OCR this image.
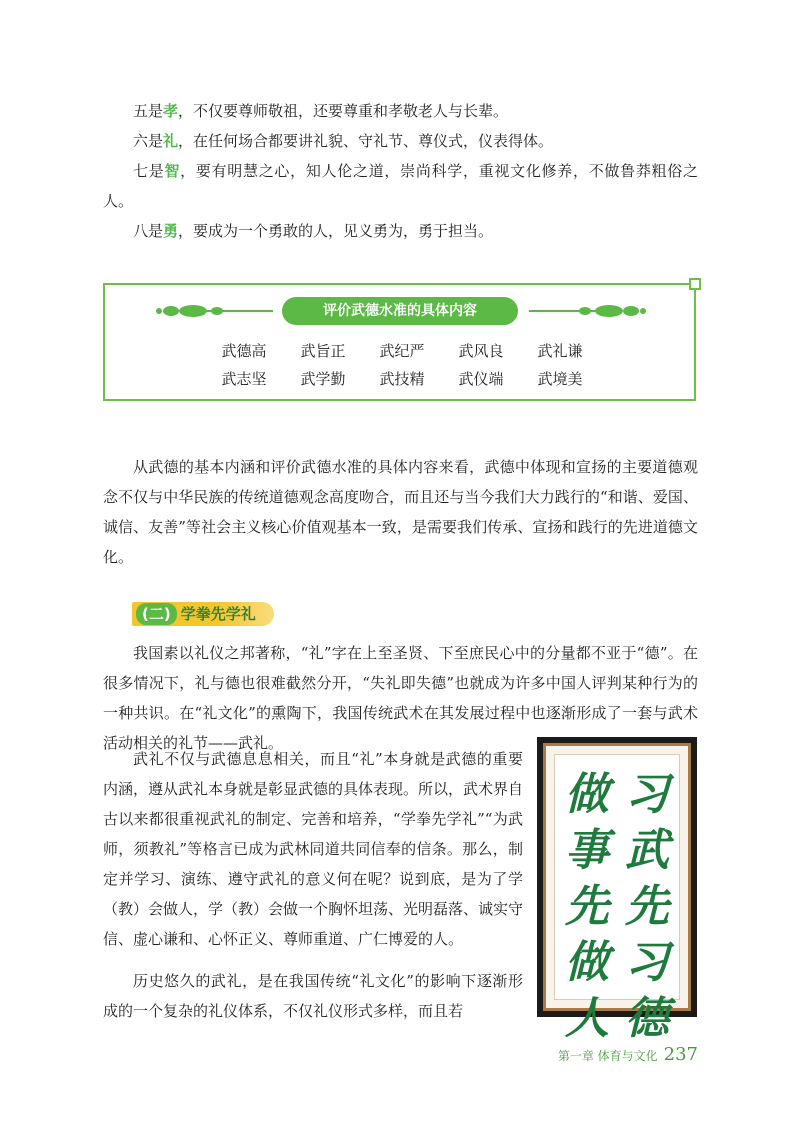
五是孝，不仅要尊师敬祖，还要尊重和孝敬老人与长辈。

六是礼，在任何场合都要讲礼貌、守礼节、尊仪式，仪表得体。

七是智，要有明慧之心，知人伦之道，崇尚科学，重视文化修养，不做鲁莽粗俗之人。

八是勇，要成为一个勇敢的人，见义勇为，勇于担当。

评价武德水准的具体内容
武德高	武旨正	武纪严	武风良	武礼谦
武志坚	武学勤	武技精	武仪端	武境美

从武德的基本内涵和评价武德水准的具体内容来看，武德中体现和宣扬的主要道德观念不仅与中华民族的传统道德观念高度吻合，而且还与当今我们大力践行的“和谐、爱国、诚信、友善”等社会主义核心价值观基本一致，是需要我们传承、宣扬和践行的先进道德文化。

(二) 学拳先学礼

我国素以礼仪之邦著称，“礼”字在上至圣贤、下至庶民心中的分量都不亚于“德”。在很多情况下，礼与德也很难截然分开，“失礼即失德”也就成为许多中国人评判某种行为的一种共识。在“礼文化”的熏陶下，我国传统武术在其发展过程中也逐渐形成了一套与武术活动相关的礼节——武礼。

武礼不仅与武德息息相关，而且“礼”本身就是武德的重要内涵，遵从武礼本身就是彰显武德的具体表现。所以，武术界自古以来都很重视武礼的制定、完善和培养，“学拳先学礼”“为武师，须教礼”等格言已成为武林同道共同信奉的信条。那么，制定并学习、演练、遵守武礼的意义何在呢？说到底，是为了学（教）会做人，学（教）会做一个胸怀坦荡、光明磊落、诚实守信、虚心谦和、心怀正义、尊师重道、广仁博爱的人。

历史悠久的武礼，是在我国传统“礼文化”的影响下逐渐形成的一个复杂的礼仪体系，不仅礼仪形式多样，而且若

习
武
先
习
德
做
事
先
做
人
第一章 体育与文化 237
